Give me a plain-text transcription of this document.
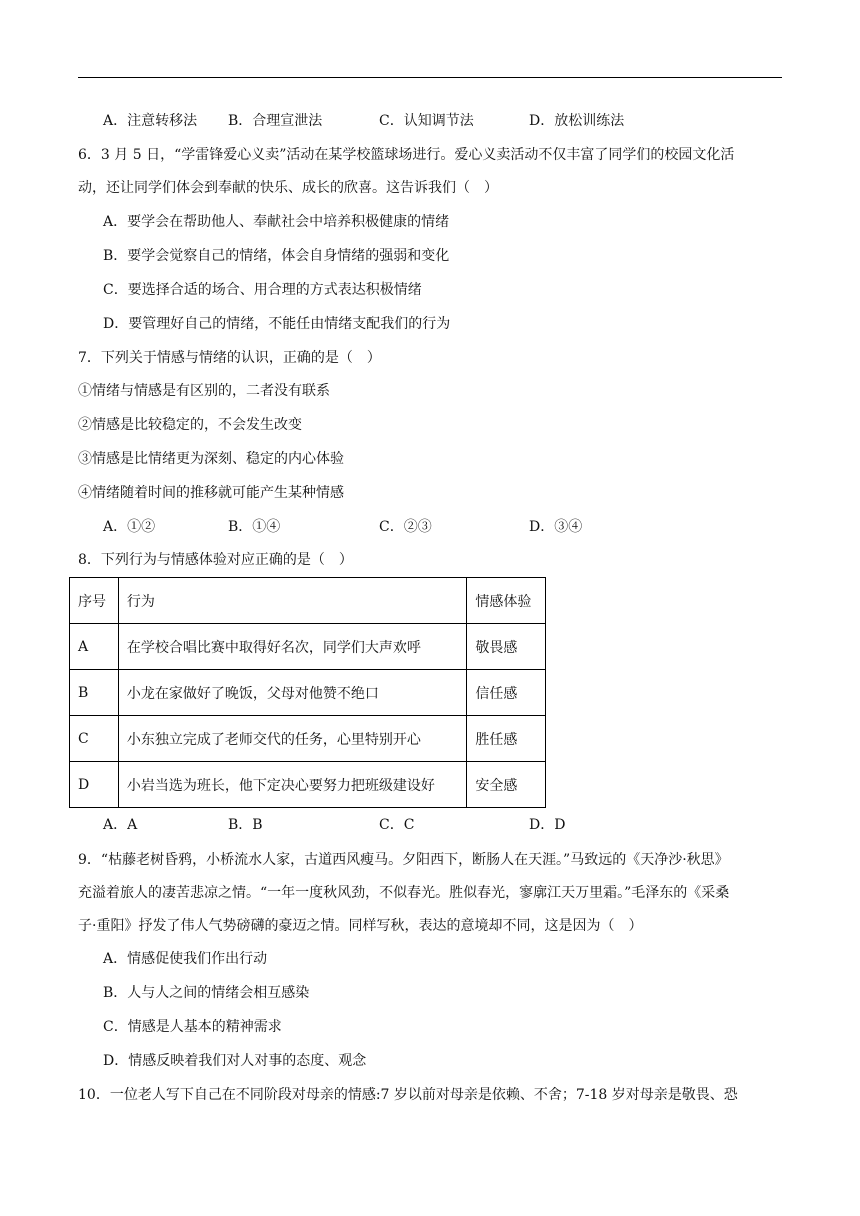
A．注意转移法 B．合理宣泄法	C．认知调节法	D．放松训练法
6．3 月 5 日，“学雷锋爱心义卖”活动在某学校篮球场进行。爱心义卖活动不仅丰富了同学们的校园文化活
动，还让同学们体会到奉献的快乐、成长的欣喜。这告诉我们（　）
A．要学会在帮助他人、奉献社会中培养积极健康的情绪
B．要学会觉察自己的情绪，体会自身情绪的强弱和变化
C．要选择合适的场合、用合理的方式表达积极情绪
D．要管理好自己的情绪，不能任由情绪支配我们的行为
7．下列关于情感与情绪的认识，正确的是（　）
①情绪与情感是有区别的，二者没有联系
②情感是比较稳定的，不会发生改变
③情感是比情绪更为深刻、稳定的内心体验
④情绪随着时间的推移就可能产生某种情感
A．①②	B．①④	C．②③	D．③④
8．下列行为与情感体验对应正确的是（　）
序号	行为	情感体验
A	在学校合唱比赛中取得好名次，同学们大声欢呼	敬畏感
B	小龙在家做好了晚饭，父母对他赞不绝口	信任感
C	小东独立完成了老师交代的任务，心里特别开心	胜任感
D	小岩当选为班长，他下定决心要努力把班级建设好	安全感
A．A	B．B	C．C	D．D
9．“枯藤老树昏鸦，小桥流水人家，古道西风瘦马。夕阳西下，断肠人在天涯。”马致远的《天净沙·秋思》
充溢着旅人的凄苦悲凉之情。“一年一度秋风劲，不似春光。胜似春光，寥廓江天万里霜。”毛泽东的《采桑
子·重阳》抒发了伟人气势磅礴的豪迈之情。同样写秋，表达的意境却不同，这是因为（　）
A．情感促使我们作出行动
B．人与人之间的情绪会相互感染
C．情感是人基本的精神需求
D．情感反映着我们对人对事的态度、观念
10．一位老人写下自己在不同阶段对母亲的情感:7 岁以前对母亲是依赖、不舍；7-18 岁对母亲是敬畏、恐
